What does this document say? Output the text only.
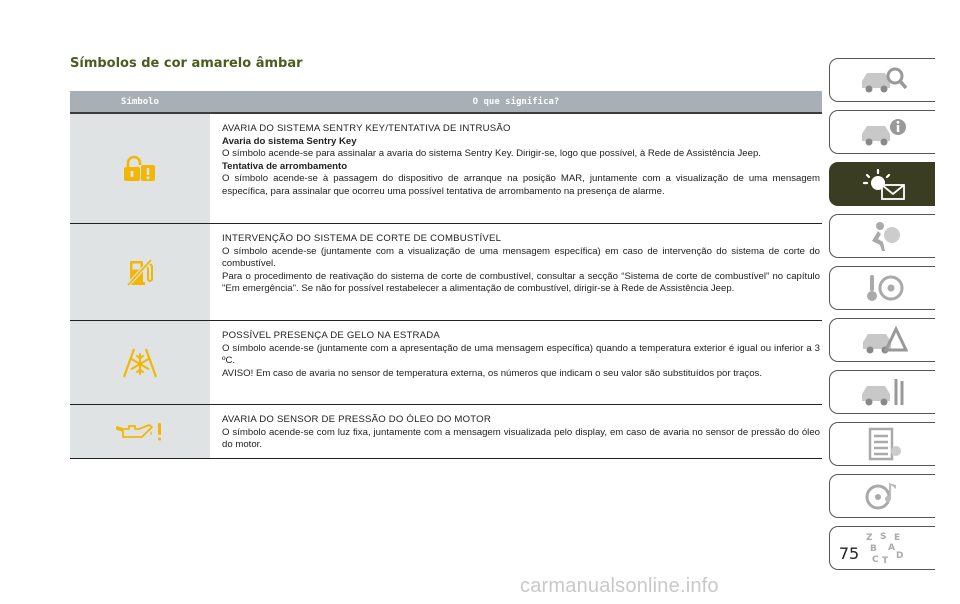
Símbolos de cor amarelo âmbar
Símbolo	O que significa?

AVARIA DO SISTEMA SENTRY KEY/TENTATIVA DE INTRUSÃO

Avaria do sistema Sentry Key

O símbolo acende-se para assinalar a avaria do sistema Sentry Key. Dirigir-se, logo que possível, à Rede de Assistência Jeep.

Tentativa de arrombamento

O símbolo acende-se à passagem do dispositivo de arranque na posição MAR, juntamente com a visualização de uma mensagem específica, para assinalar que ocorreu uma possível tentativa de arrombamento na presença de alarme.

INTERVENÇÃO DO SISTEMA DE CORTE DE COMBUSTÍVEL

O símbolo acende-se (juntamente com a visualização de uma mensagem específica) em caso de intervenção do sistema de corte do combustível.

Para o procedimento de reativação do sistema de corte de combustível, consultar a secção “Sistema de corte de combustível” no capítulo "Em emergência". Se não for possível restabelecer a alimentação de combustível, dirigir-se à Rede de Assistência Jeep.

POSSÍVEL PRESENÇA DE GELO NA ESTRADA

O símbolo acende-se (juntamente com a apresentação de uma mensagem específica) quando a temperatura exterior é igual ou inferior a 3 ºC.

AVISO! Em caso de avaria no sensor de temperatura externa, os números que indicam o seu valor são substituídos por traços.

AVARIA DO SENSOR DE PRESSÃO DO ÓLEO DO MOTOR

O símbolo acende-se com luz fixa, juntamente com a mensagem visualizada pelo display, em caso de avaria no sensor de pressão do óleo do motor.

Z S E
B A
C T D
75
carmanualsonline.info
